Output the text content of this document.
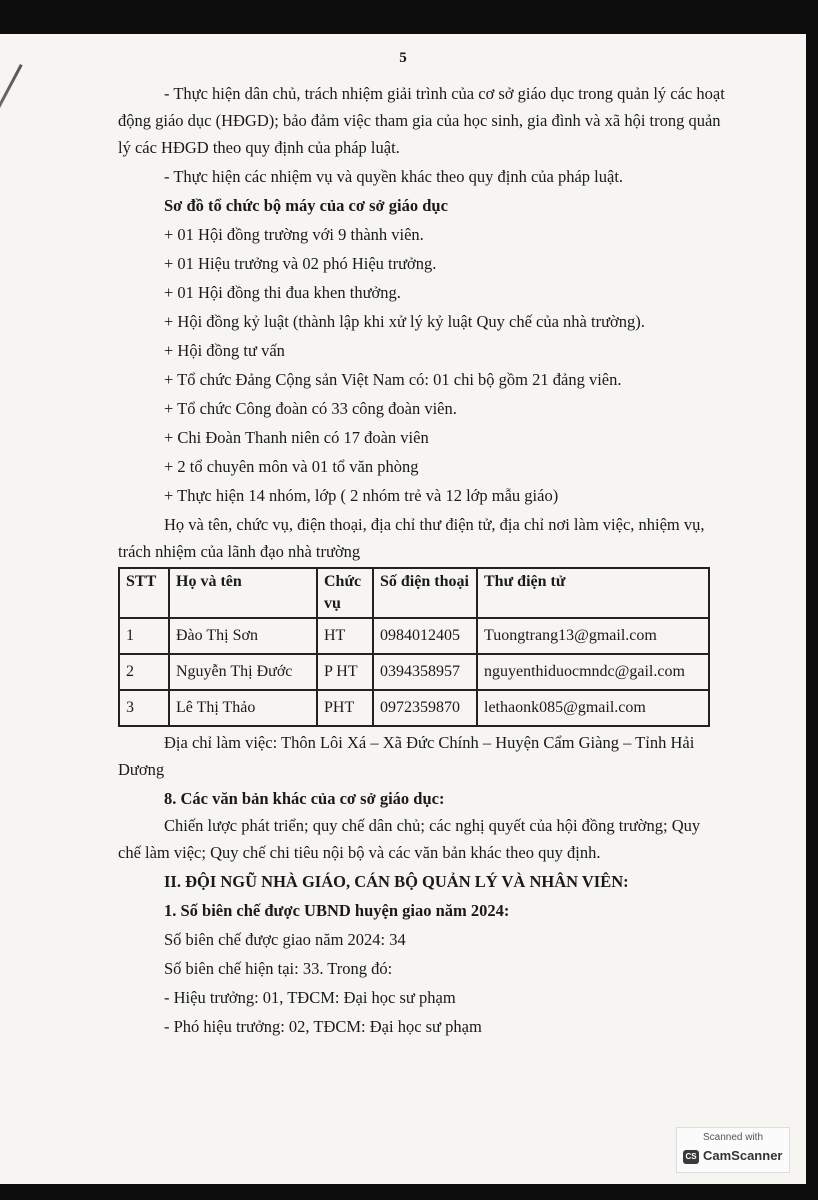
5

- Thực hiện dân chủ, trách nhiệm giải trình của cơ sở giáo dục trong quản lý các hoạt động giáo dục (HĐGD); bảo đảm việc tham gia của học sinh, gia đình và xã hội trong quản lý các HĐGD theo quy định của pháp luật.

- Thực hiện các nhiệm vụ và quyền khác theo quy định của pháp luật.

Sơ đồ tổ chức bộ máy của cơ sở giáo dục

+ 01 Hội đồng trường với 9 thành viên.

+ 01 Hiệu trưởng và 02 phó Hiệu trưởng.

+ 01 Hội đồng thi đua khen thưởng.

+ Hội đồng kỷ luật (thành lập khi xử lý kỷ luật Quy chế của nhà trường).

+ Hội đồng tư vấn

+ Tổ chức Đảng Cộng sản Việt Nam có: 01 chi bộ gồm 21 đảng viên.

+ Tổ chức Công đoàn có 33 công đoàn viên.

+ Chi Đoàn Thanh niên có 17 đoàn viên

+ 2 tổ chuyên môn và 01 tổ văn phòng

+ Thực hiện 14 nhóm, lớp ( 2 nhóm trẻ và 12 lớp mẫu giáo)

Họ và tên, chức vụ, điện thoại, địa chỉ thư điện tử, địa chỉ nơi làm việc, nhiệm vụ, trách nhiệm của lãnh đạo nhà trường

STT	Họ và tên	Chức vụ	Số điện thoại	Thư điện tử
1	Đào Thị Sơn	HT	0984012405	Tuongtrang13@gmail.com
2	Nguyễn Thị Đước	P HT	0394358957	nguyenthiduocmndc@gail.com
3	Lê Thị Thảo	PHT	0972359870	lethaonk085@gmail.com

Địa chỉ làm việc: Thôn Lôi Xá – Xã Đức Chính – Huyện Cẩm Giàng – Tỉnh Hải Dương

8. Các văn bản khác của cơ sở giáo dục:

Chiến lược phát triển; quy chế dân chủ; các nghị quyết của hội đồng trường; Quy chế làm việc; Quy chế chi tiêu nội bộ và các văn bản khác theo quy định.

II. ĐỘI NGŨ NHÀ GIÁO, CÁN BỘ QUẢN LÝ VÀ NHÂN VIÊN:

1. Số biên chế được UBND huyện giao năm 2024:

Số biên chế được giao năm 2024: 34

Số biên chế hiện tại: 33. Trong đó:

- Hiệu trưởng: 01, TĐCM: Đại học sư phạm

- Phó hiệu trưởng: 02, TĐCM: Đại học sư phạm

Scanned with
CS CamScanner
